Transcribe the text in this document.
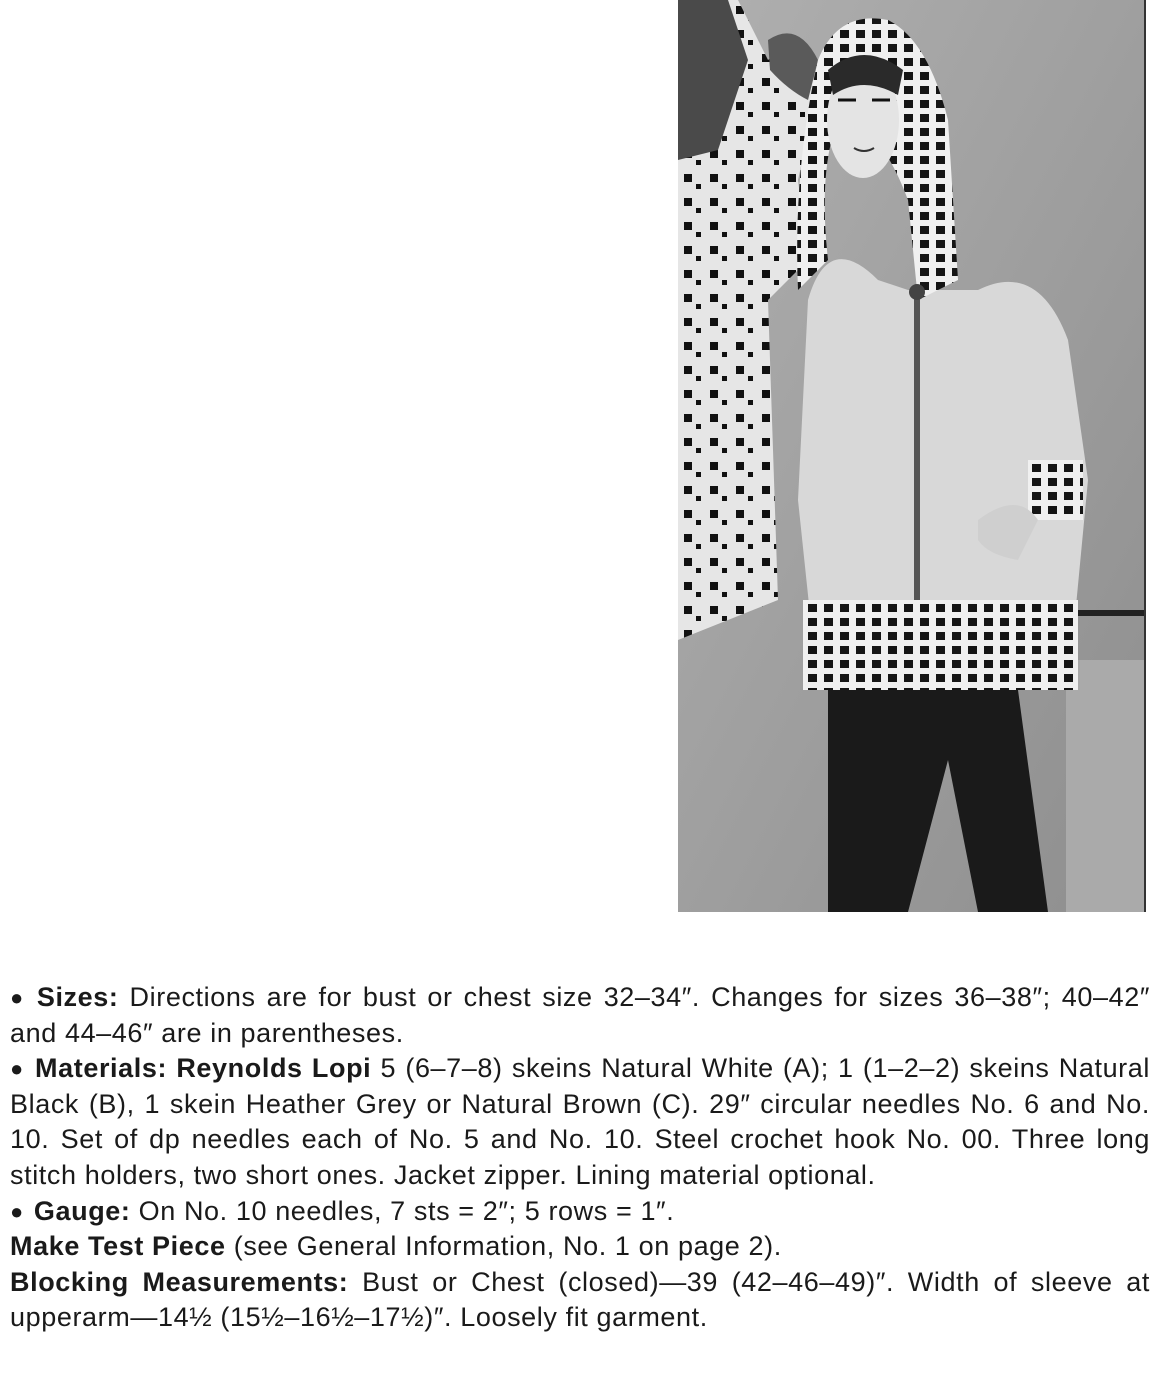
● Sizes: Directions are for bust or chest size 32–34″. Changes for sizes 36–38″; 40–42″ and 44–46″ are in parentheses.

● Materials: Reynolds Lopi 5 (6–7–8) skeins Natural White (A); 1 (1–2–2) skeins Natural Black (B), 1 skein Heather Grey or Natural Brown (C). 29″ circular needles No. 6 and No. 10. Set of dp needles each of No. 5 and No. 10. Steel crochet hook No. 00. Three long stitch holders, two short ones. Jacket zipper. Lining material optional.

● Gauge: On No. 10 needles, 7 sts = 2″; 5 rows = 1″.

Make Test Piece (see General Information, No. 1 on page 2).

Blocking Measurements: Bust or Chest (closed)—39 (42–46–49)″. Width of sleeve at upperarm—14½ (15½–16½–17½)″. Loosely fit garment.
